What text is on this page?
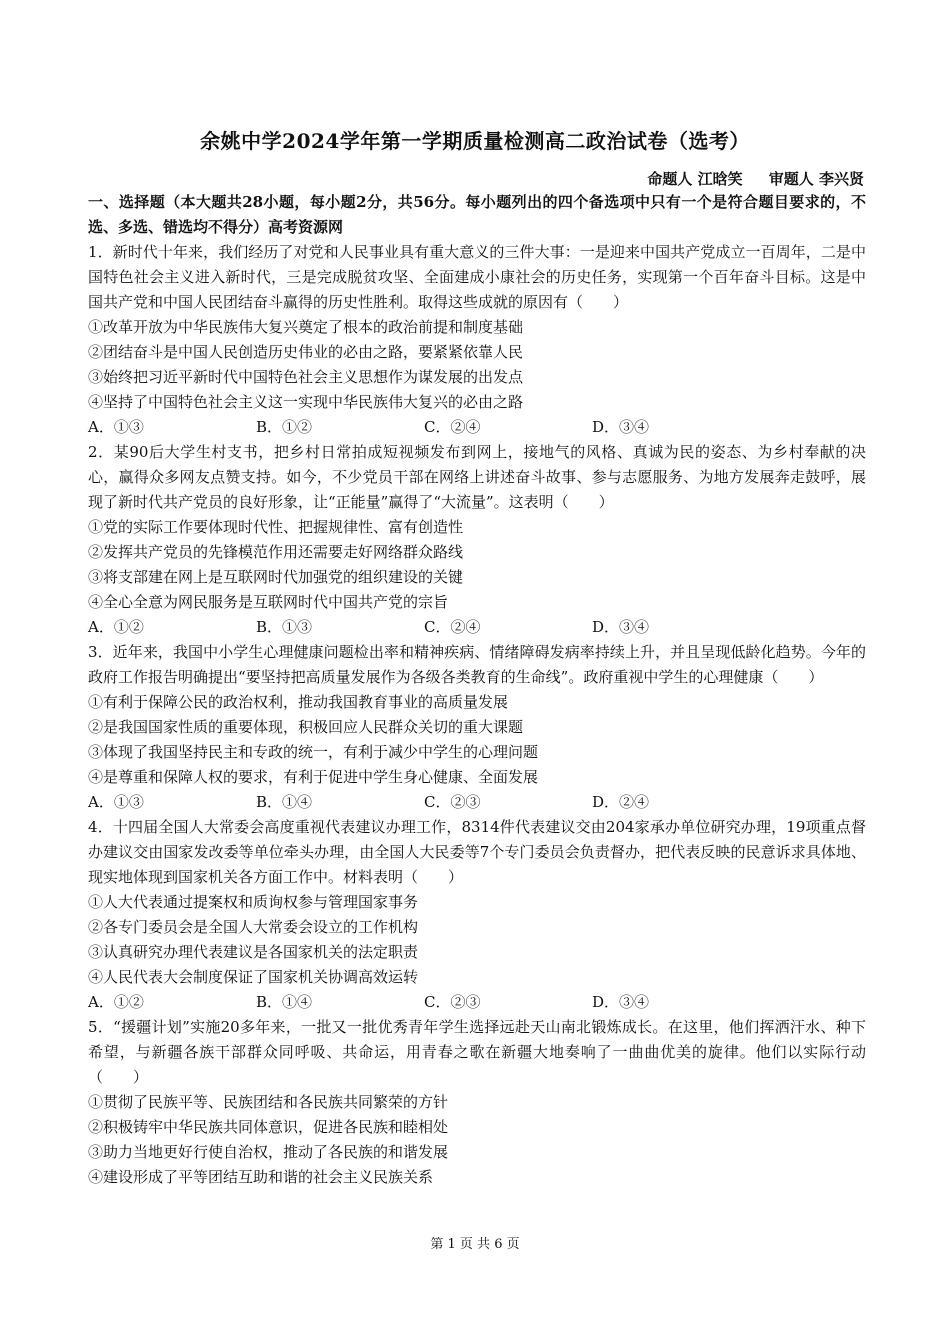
余姚中学2024学年第一学期质量检测高二政治试卷（选考）
命题人 江晗笑 审题人 李兴贤
一、选择题（本大题共28小题，每小题2分，共56分。每小题列出的四个备选项中只有一个是符合题目要求的，不选、多选、错选均不得分）高考资源网
1．新时代十年来，我们经历了对党和人民事业具有重大意义的三件大事：一是迎来中国共产党成立一百周年，二是中国特色社会主义进入新时代，三是完成脱贫攻坚、全面建成小康社会的历史任务，实现第一个百年奋斗目标。这是中国共产党和中国人民团结奋斗赢得的历史性胜利。取得这些成就的原因有（　　）
①改革开放为中华民族伟大复兴奠定了根本的政治前提和制度基础
②团结奋斗是中国人民创造历史伟业的必由之路，要紧紧依靠人民
③始终把习近平新时代中国特色社会主义思想作为谋发展的出发点
④坚持了中国特色社会主义这一实现中华民族伟大复兴的必由之路
A．①③	B．①②	C．②④	D．③④
2．某90后大学生村支书，把乡村日常拍成短视频发布到网上，接地气的风格、真诚为民的姿态、为乡村奉献的决心，赢得众多网友点赞支持。如今，不少党员干部在网络上讲述奋斗故事、参与志愿服务、为地方发展奔走鼓呼，展现了新时代共产党员的良好形象，让“正能量”赢得了“大流量”。这表明（　　）
①党的实际工作要体现时代性、把握规律性、富有创造性
②发挥共产党员的先锋模范作用还需要走好网络群众路线
③将支部建在网上是互联网时代加强党的组织建设的关键
④全心全意为网民服务是互联网时代中国共产党的宗旨
A．①②	B．①③	C．②④	D．③④
3．近年来，我国中小学生心理健康问题检出率和精神疾病、情绪障碍发病率持续上升，并且呈现低龄化趋势。今年的政府工作报告明确提出“要坚持把高质量发展作为各级各类教育的生命线”。政府重视中学生的心理健康（　　）
①有利于保障公民的政治权利，推动我国教育事业的高质量发展
②是我国国家性质的重要体现，积极回应人民群众关切的重大课题
③体现了我国坚持民主和专政的统一，有利于减少中学生的心理问题
④是尊重和保障人权的要求，有利于促进中学生身心健康、全面发展
A．①③	B．①④	C．②③	D．②④
4．十四届全国人大常委会高度重视代表建议办理工作，8314件代表建议交由204家承办单位研究办理，19项重点督办建议交由国家发改委等单位牵头办理，由全国人大民委等7个专门委员会负责督办，把代表反映的民意诉求具体地、现实地体现到国家机关各方面工作中。材料表明（　　）
①人大代表通过提案权和质询权参与管理国家事务
②各专门委员会是全国人大常委会设立的工作机构
③认真研究办理代表建议是各国家机关的法定职责
④人民代表大会制度保证了国家机关协调高效运转
A．①②	B．①④	C．②③	D．③④
5．“援疆计划”实施20多年来，一批又一批优秀青年学生选择远赴天山南北锻炼成长。在这里，他们挥洒汗水、种下希望，与新疆各族干部群众同呼吸、共命运，用青春之歌在新疆大地奏响了一曲曲优美的旋律。他们以实际行动（　　）
①贯彻了民族平等、民族团结和各民族共同繁荣的方针
②积极铸牢中华民族共同体意识，促进各民族和睦相处
③助力当地更好行使自治权，推动了各民族的和谐发展
④建设形成了平等团结互助和谐的社会主义民族关系
第 1 页 共 6 页
